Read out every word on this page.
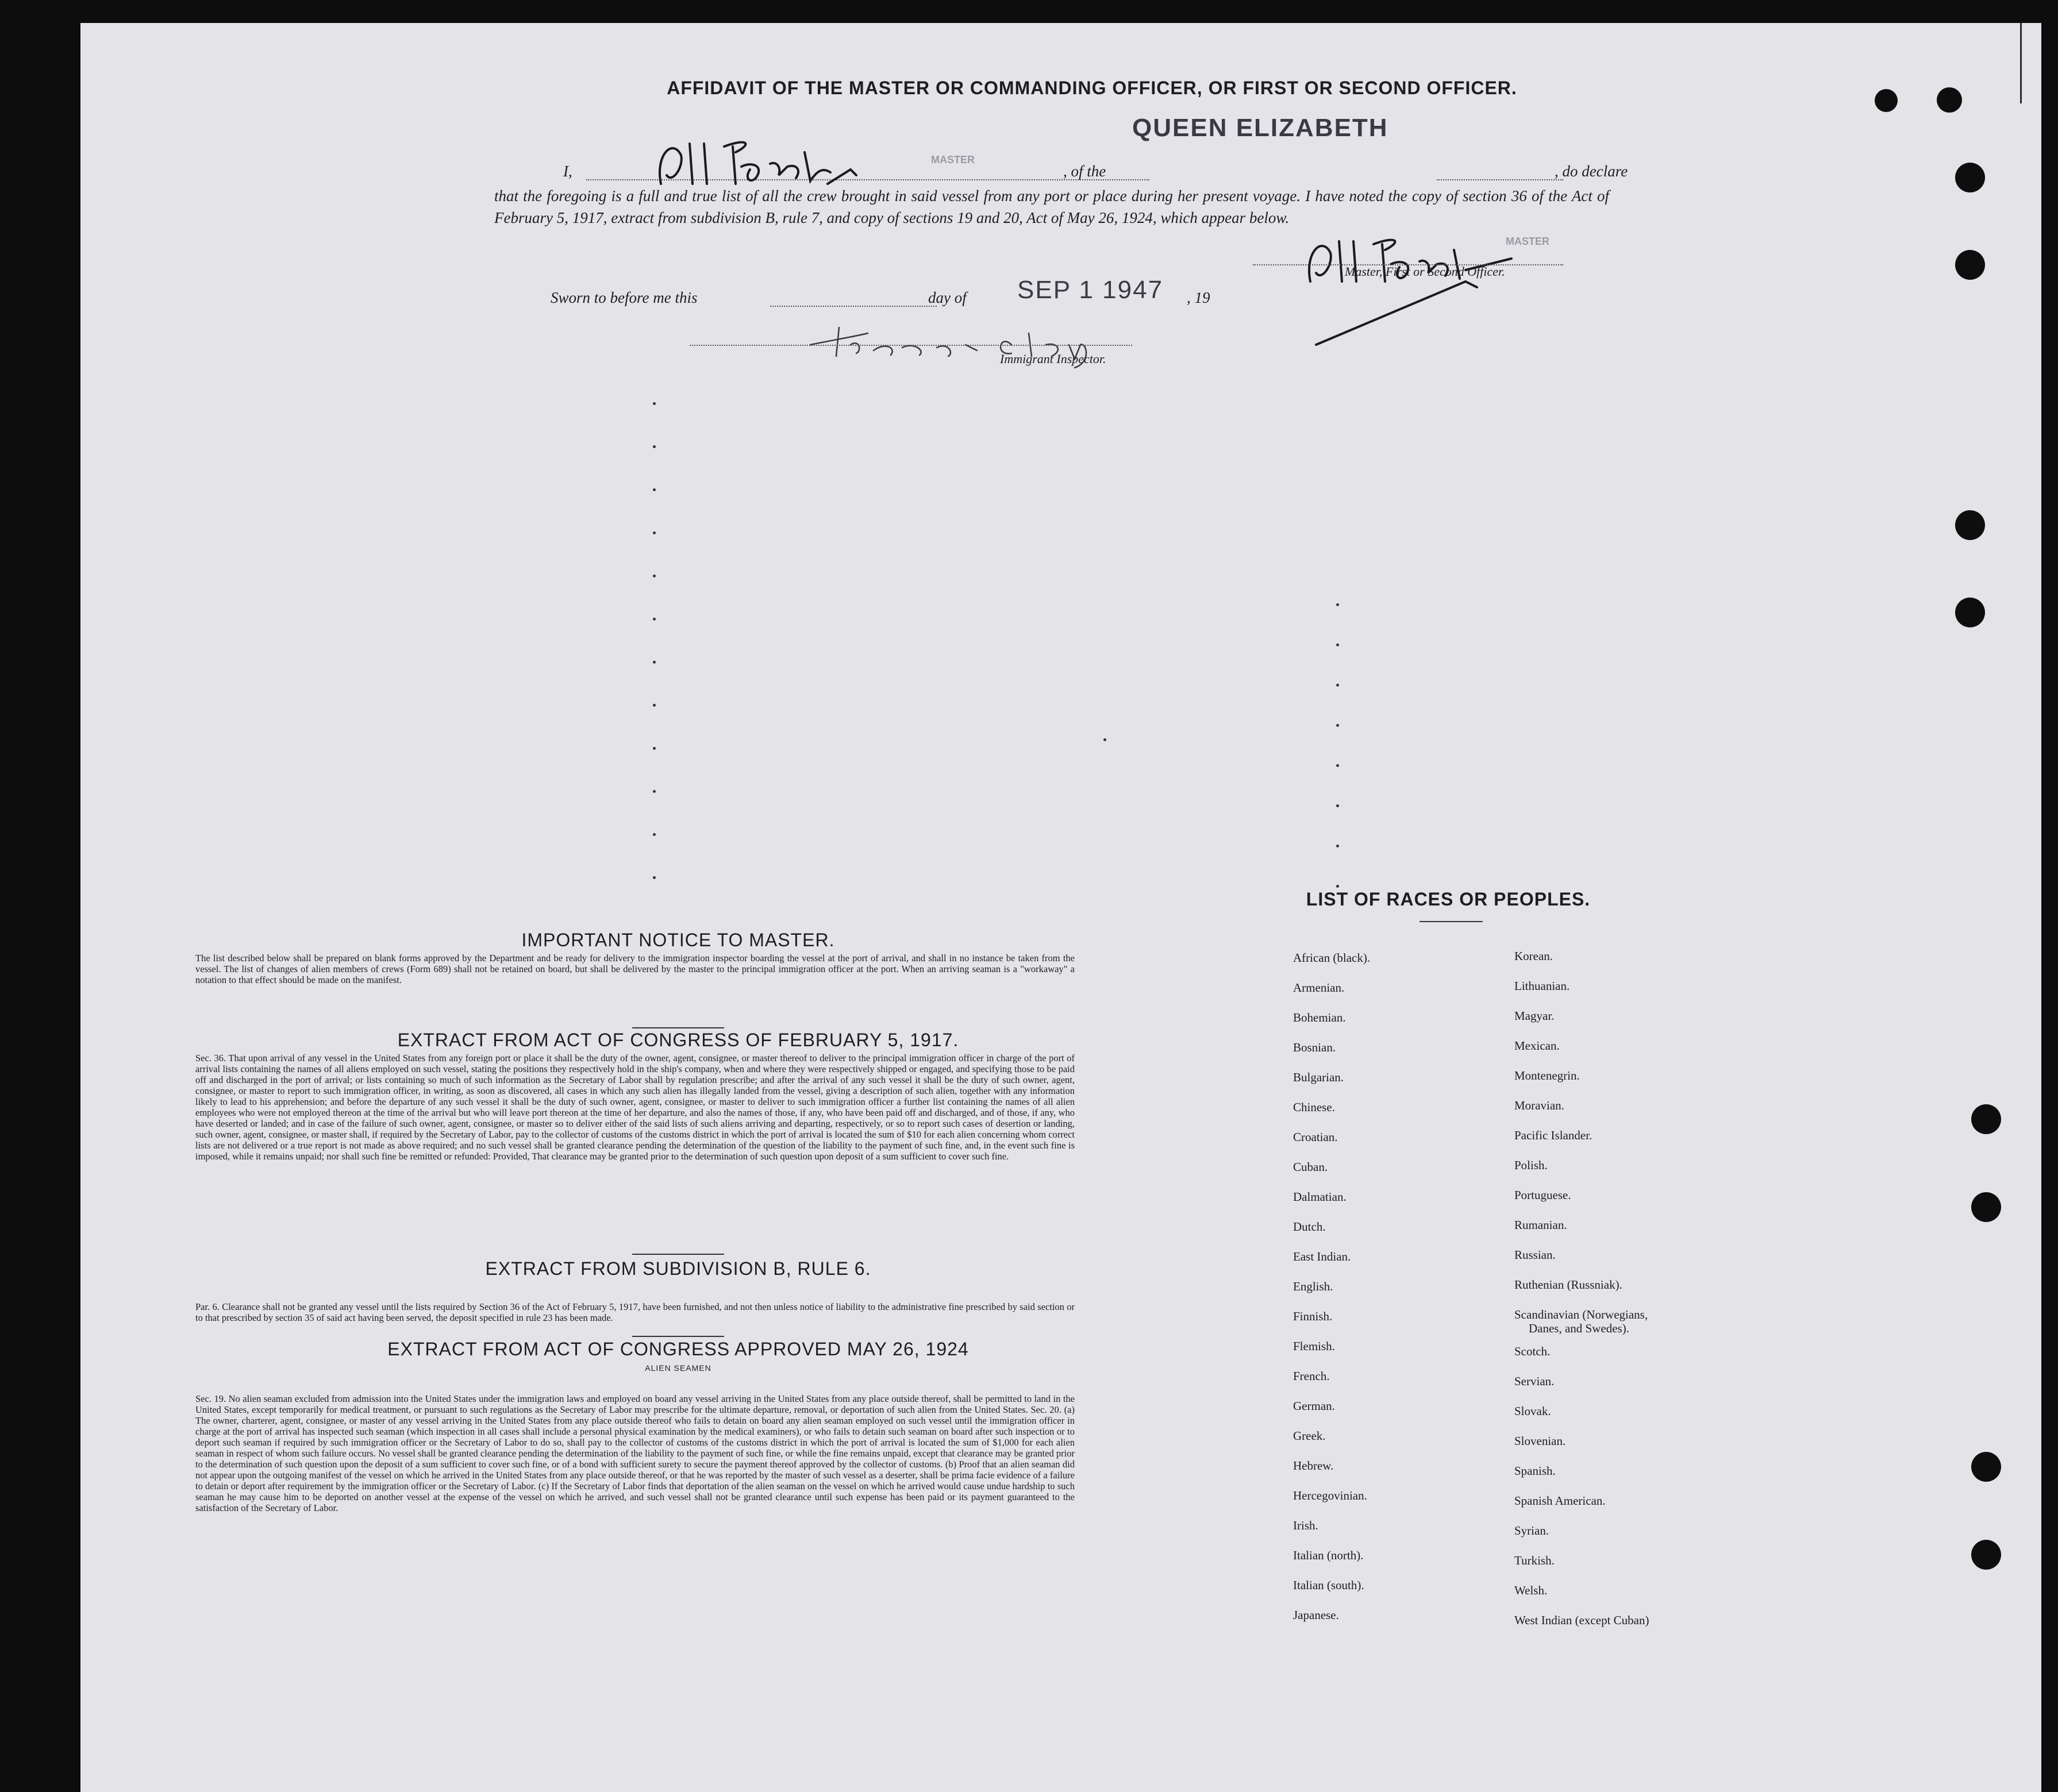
AFFIDAVIT OF THE MASTER OR COMMANDING OFFICER, OR FIRST OR SECOND OFFICER.
I,
MASTER
, of the
QUEEN ELIZABETH
, do declare
that the foregoing is a full and true list of all the crew brought in said vessel from any port or place during her present voyage. I have noted the copy of section 36 of the Act of February 5, 1917, extract from subdivision B, rule 7, and copy of sections 19 and 20, Act of May 26, 1924, which appear below.
MASTER
Master, First or Second Officer.
Sworn to before me this	day of SEP 1 1947 , 19
Immigrant Inspector.
IMPORTANT NOTICE TO MASTER.
The list described below shall be prepared on blank forms approved by the Department and be ready for delivery to the immigration inspector boarding the vessel at the port of arrival, and shall in no instance be taken from the vessel. The list of changes of alien members of crews (Form 689) shall not be retained on board, but shall be delivered by the master to the principal immigration officer at the port. When an arriving seaman is a "workaway" a notation to that effect should be made on the manifest.
EXTRACT FROM ACT OF CONGRESS OF FEBRUARY 5, 1917.
Sec. 36. That upon arrival of any vessel in the United States from any foreign port or place it shall be the duty of the owner, agent, consignee, or master thereof to deliver to the principal immigration officer in charge of the port of arrival lists containing the names of all aliens employed on such vessel, stating the positions they respectively hold in the ship's company, when and where they were respectively shipped or engaged, and specifying those to be paid off and discharged in the port of arrival; or lists containing so much of such information as the Secretary of Labor shall by regulation prescribe; and after the arrival of any such vessel it shall be the duty of such owner, agent, consignee, or master to report to such immigration officer, in writing, as soon as discovered, all cases in which any such alien has illegally landed from the vessel, giving a description of such alien, together with any information likely to lead to his apprehension; and before the departure of any such vessel it shall be the duty of such owner, agent, consignee, or master to deliver to such immigration officer a further list containing the names of all alien employees who were not employed thereon at the time of the arrival but who will leave port thereon at the time of her departure, and also the names of those, if any, who have been paid off and discharged, and of those, if any, who have deserted or landed; and in case of the failure of such owner, agent, consignee, or master so to deliver either of the said lists of such aliens arriving and departing, respectively, or so to report such cases of desertion or landing, such owner, agent, consignee, or master shall, if required by the Secretary of Labor, pay to the collector of customs of the customs district in which the port of arrival is located the sum of $10 for each alien concerning whom correct lists are not delivered or a true report is not made as above required; and no such vessel shall be granted clearance pending the determination of the question of the liability to the payment of such fine, and, in the event such fine is imposed, while it remains unpaid; nor shall such fine be remitted or refunded: Provided, That clearance may be granted prior to the determination of such question upon deposit of a sum sufficient to cover such fine.
EXTRACT FROM SUBDIVISION B, RULE 6.
Par. 6. Clearance shall not be granted any vessel until the lists required by Section 36 of the Act of February 5, 1917, have been furnished, and not then unless notice of liability to the administrative fine prescribed by said section or to that prescribed by section 35 of said act having been served, the deposit specified in rule 23 has been made.
EXTRACT FROM ACT OF CONGRESS APPROVED MAY 26, 1924
ALIEN SEAMEN
Sec. 19. No alien seaman excluded from admission into the United States under the immigration laws and employed on board any vessel arriving in the United States from any place outside thereof, shall be permitted to land in the United States, except temporarily for medical treatment, or pursuant to such regulations as the Secretary of Labor may prescribe for the ultimate departure, removal, or deportation of such alien from the United States. Sec. 20. (a) The owner, charterer, agent, consignee, or master of any vessel arriving in the United States from any place outside thereof who fails to detain on board any alien seaman employed on such vessel until the immigration officer in charge at the port of arrival has inspected such seaman (which inspection in all cases shall include a personal physical examination by the medical examiners), or who fails to detain such seaman on board after such inspection or to deport such seaman if required by such immigration officer or the Secretary of Labor to do so, shall pay to the collector of customs of the customs district in which the port of arrival is located the sum of $1,000 for each alien seaman in respect of whom such failure occurs. No vessel shall be granted clearance pending the determination of the liability to the payment of such fine, or while the fine remains unpaid, except that clearance may be granted prior to the determination of such question upon the deposit of a sum sufficient to cover such fine, or of a bond with sufficient surety to secure the payment thereof approved by the collector of customs. (b) Proof that an alien seaman did not appear upon the outgoing manifest of the vessel on which he arrived in the United States from any place outside thereof, or that he was reported by the master of such vessel as a deserter, shall be prima facie evidence of a failure to detain or deport after requirement by the immigration officer or the Secretary of Labor. (c) If the Secretary of Labor finds that deportation of the alien seaman on the vessel on which he arrived would cause undue hardship to such seaman he may cause him to be deported on another vessel at the expense of the vessel on which he arrived, and such vessel shall not be granted clearance until such expense has been paid or its payment guaranteed to the satisfaction of the Secretary of Labor.
LIST OF RACES OR PEOPLES.
African (black).
Armenian.
Bohemian.
Bosnian.
Bulgarian.
Chinese.
Croatian.
Cuban.
Dalmatian.
Dutch.
East Indian.
English.
Finnish.
Flemish.
French.
German.
Greek.
Hebrew.
Hercegovinian.
Irish.
Italian (north).
Italian (south).
Japanese.
Korean.
Lithuanian.
Magyar.
Mexican.
Montenegrin.
Moravian.
Pacific Islander.
Polish.
Portuguese.
Rumanian.
Russian.
Ruthenian (Russniak).
Scandinavian (Norwegians,
Danes, and Swedes).
Scotch.
Servian.
Slovak.
Slovenian.
Spanish.
Spanish American.
Syrian.
Turkish.
Welsh.
West Indian (except Cuban)
